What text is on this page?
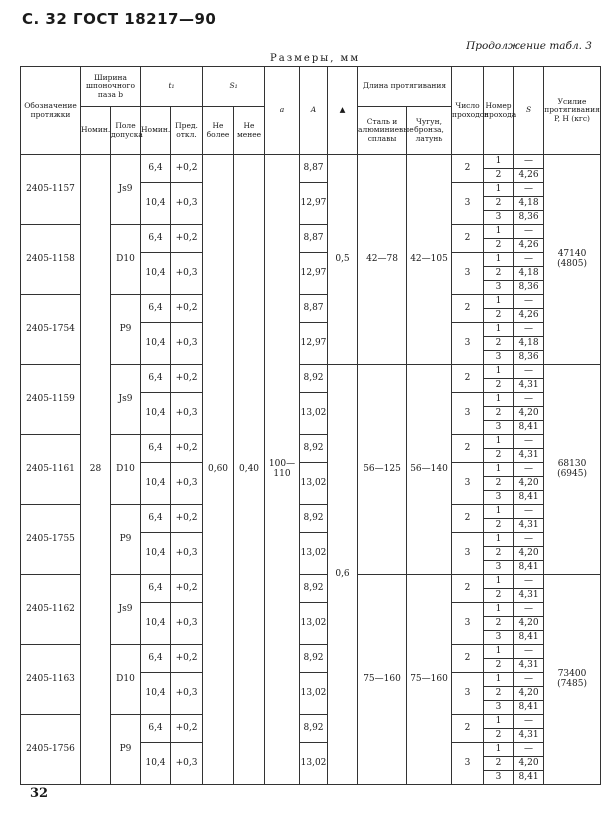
С. 32 ГОСТ 18217—90
Продолжение табл. 3
Размеры, мм
Обозначение протяжки	Ширина шпоночного паза b		t₁		S₁		a	A	▲	Длина протягивания		Число проходов	Номер прохода	S	Усилие протягивания P, Н (кгс)
	Номин.	Поле допуска	Номин.	Пред. откл.	Не более	Не менее				Сталь и алюминиевые сплавы	Чугун, бронза, латунь				
2405-1157	28	Js9	6,4	+0,2	0,60	0,40	100—110	8,87	0,5	42—78	42—105	2	1	—	47140
(4805)

													2	4,26	
			10,4	+0,3				12,97				3	1	—	
													2	4,18	
													3	8,36	
2405-1158		D10	6,4	+0,2				8,87				2	1	—	
													2	4,26	
			10,4	+0,3				12,97				3	1	—	
													2	4,18	
													3	8,36	
2405-1754		P9	6,4	+0,2				8,87				2	1	—	
													2	4,26	
			10,4	+0,3				12,97				3	1	—	
													2	4,18	
													3	8,36	
2405-1159		Js9	6,4	+0,2				8,92	0,6	56—125	56—140	2	1	—	68130
(6945)

													2	4,31	
			10,4	+0,3				13,02				3	1	—	
													2	4,20	
													3	8,41	
2405-1161		D10	6,4	+0,2				8,92				2	1	—	
													2	4,31	
			10,4	+0,3				13,02				3	1	—	
													2	4,20	
													3	8,41	
2405-1755		P9	6,4	+0,2				8,92				2	1	—	
													2	4,31	
			10,4	+0,3				13,02				3	1	—	
													2	4,20	
													3	8,41	
2405-1162		Js9	6,4	+0,2				8,92		75—160	75—160	2	1	—	73400
(7485)

													2	4,31	
			10,4	+0,3				13,02				3	1	—	
													2	4,20	
													3	8,41	
2405-1163		D10	6,4	+0,2				8,92				2	1	—	
													2	4,31	
			10,4	+0,3				13,02				3	1	—	
													2	4,20	
													3	8,41	
2405-1756		P9	6,4	+0,2				8,92				2	1	—	
													2	4,31	
			10,4	+0,3				13,02				3	1	—	
													2	4,20	
													3	8,41	
32
